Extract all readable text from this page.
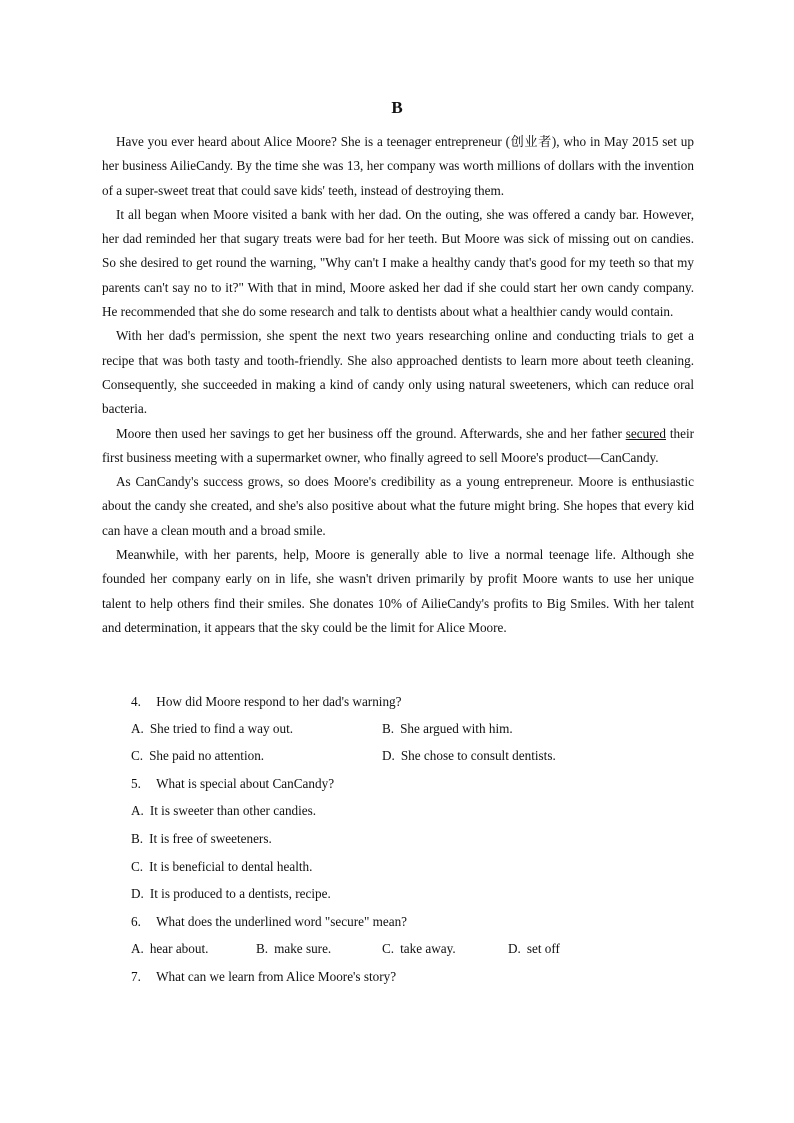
B

Have you ever heard about Alice Moore? She is a teenager entrepreneur (创业者), who in May 2015 set up her business AilieCandy. By the time she was 13, her company was worth millions of dollars with the invention of a super-sweet treat that could save kids' teeth, instead of destroying them.

It all began when Moore visited a bank with her dad. On the outing, she was offered a candy bar. However, her dad reminded her that sugary treats were bad for her teeth. But Moore was sick of missing out on candies. So she desired to get round the warning, "Why can't I make a healthy candy that's good for my teeth so that my parents can't say no to it?" With that in mind, Moore asked her dad if she could start her own candy company. He recommended that she do some research and talk to dentists about what a healthier candy would contain.

With her dad's permission, she spent the next two years researching online and conducting trials to get a recipe that was both tasty and tooth-friendly. She also approached dentists to learn more about teeth cleaning. Consequently, she succeeded in making a kind of candy only using natural sweeteners, which can reduce oral bacteria.

Moore then used her savings to get her business off the ground. Afterwards, she and her father secured their first business meeting with a supermarket owner, who finally agreed to sell Moore's product—CanCandy.

As CanCandy's success grows, so does Moore's credibility as a young entrepreneur. Moore is enthusiastic about the candy she created, and she's also positive about what the future might bring. She hopes that every kid can have a clean mouth and a broad smile.

Meanwhile, with her parents, help, Moore is generally able to live a normal teenage life. Although she founded her company early on in life, she wasn't driven primarily by profit Moore wants to use her unique talent to help others find their smiles. She donates 10% of AilieCandy's profits to Big Smiles. With her talent and determination, it appears that the sky could be the limit for Alice Moore.

4. How did Moore respond to her dad's warning?
A. She tried to find a way out.	B. She argued with him.
C. She paid no attention.	D. She chose to consult dentists.
5. What is special about CanCandy?
A. It is sweeter than other candies.
B. It is free of sweeteners.
C. It is beneficial to dental health.
D. It is produced to a dentists, recipe.
6. What does the underlined word "secure" mean?
A. hear about.	B. make sure.	C. take away.	D. set off
7. What can we learn from Alice Moore's story?
